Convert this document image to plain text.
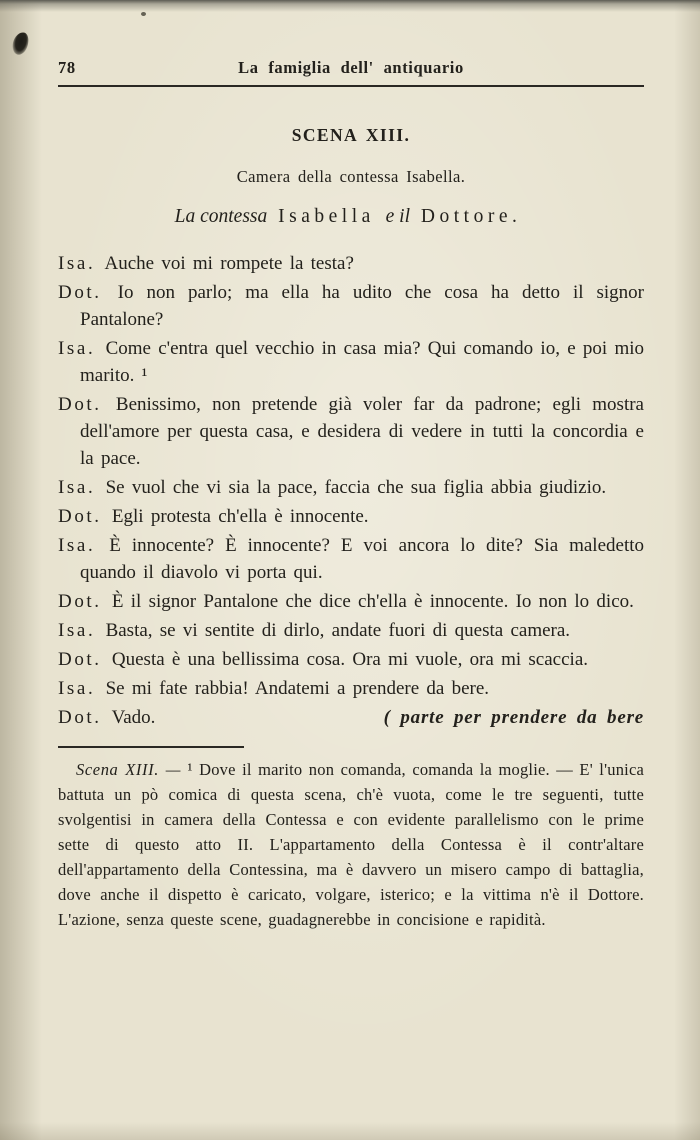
78	La famiglia dell' antiquario
SCENA XIII.
Camera della contessa Isabella.
La contessa Isabella e il Dottore.

Isa. Auche voi mi rompete la testa?

Dot. Io non parlo; ma ella ha udito che cosa ha detto il signor Pantalone?

Isa. Come c'entra quel vecchio in casa mia? Qui comando io, e poi mio marito. ¹

Dot. Benissimo, non pretende già voler far da padrone; egli mostra dell'amore per questa casa, e desidera di vedere in tutti la concordia e la pace.

Isa. Se vuol che vi sia la pace, faccia che sua figlia abbia giudizio.

Dot. Egli protesta ch'ella è innocente.

Isa. È innocente? È innocente? E voi ancora lo dite? Sia maledetto quando il diavolo vi porta qui.

Dot. È il signor Pantalone che dice ch'ella è innocente. Io non lo dico.

Isa. Basta, se vi sentite di dirlo, andate fuori di questa camera.

Dot. Questa è una bellissima cosa. Ora mi vuole, ora mi scaccia.

Isa. Se mi fate rabbia! Andatemi a prendere da bere.

( parte per prendere da bere
Dot. Vado.

Scena XIII. — ¹ Dove il marito non comanda, comanda la moglie. — E' l'unica battuta un pò comica di questa scena, ch'è vuota, come le tre seguenti, tutte svolgentisi in camera della Contessa e con evidente parallelismo con le prime sette di questo atto II. L'appartamento della Contessa è il contr'altare dell'appartamento della Contessina, ma è davvero un misero campo di battaglia, dove anche il dispetto è caricato, volgare, isterico; e la vittima n'è il Dottore. L'azione, senza queste scene, guadagnerebbe in concisione e rapidità.
